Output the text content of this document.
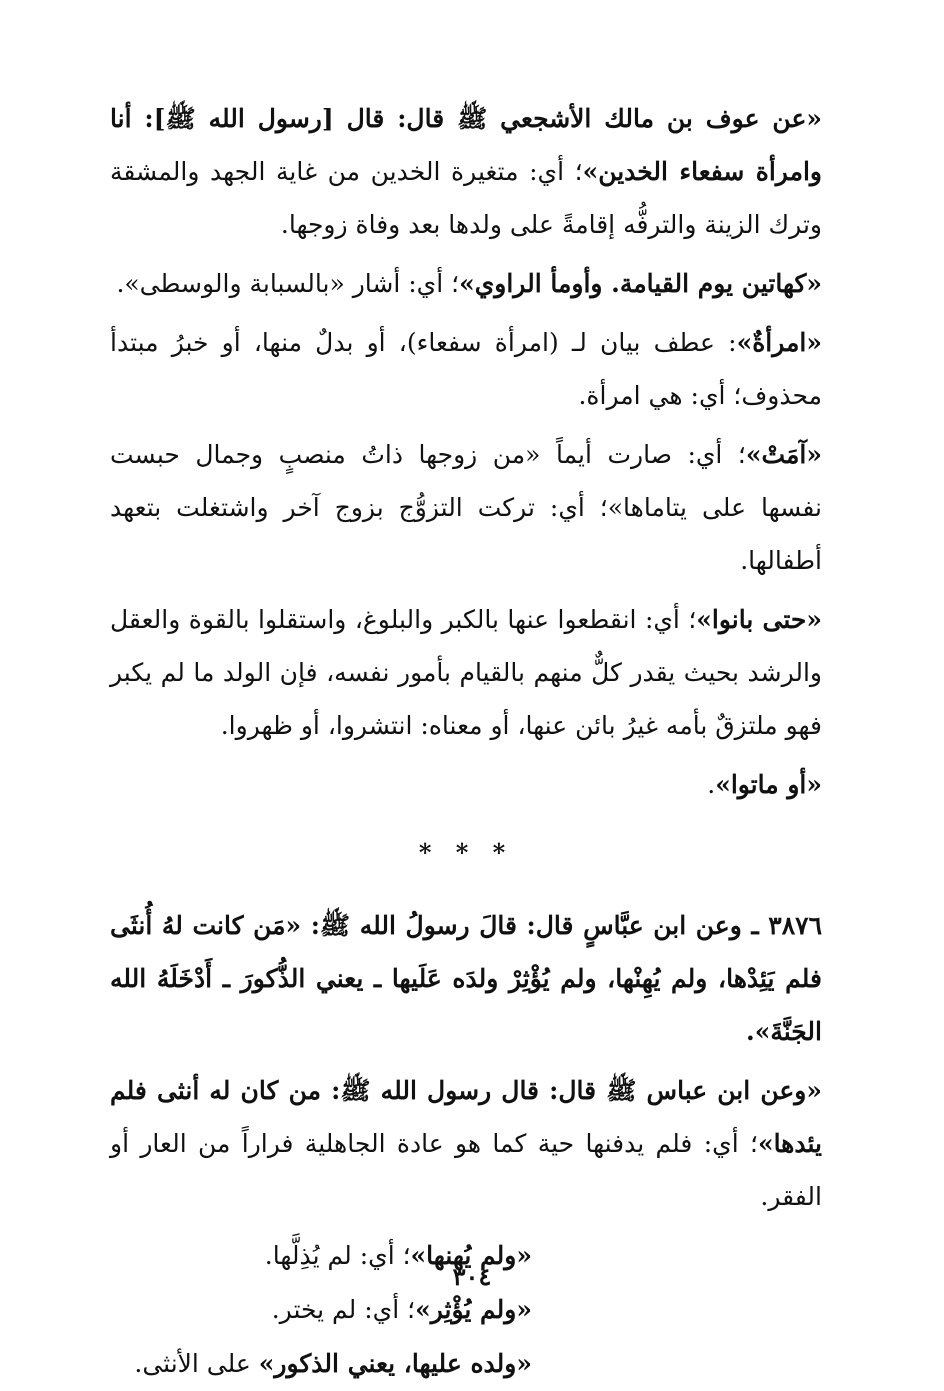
«عن عوف بن مالك الأشجعي ﷺ قال: قال [رسول الله ﷺ]: أنا وامرأة سفعاء الخدين»؛ أي: متغيرة الخدين من غاية الجهد والمشقة وترك الزينة والترفُّه إقامةً على ولدها بعد وفاة زوجها.

«كهاتين يوم القيامة. وأومأ الراوي»؛ أي: أشار «بالسبابة والوسطى».

«امرأةٌ»: عطف بيان لـ (امرأة سفعاء)، أو بدلٌ منها، أو خبرُ مبتدأ محذوف؛ أي: هي امرأة.

«آمَتْ»؛ أي: صارت أيماً «من زوجها ذاتُ منصبٍ وجمال حبست نفسها على يتاماها»؛ أي: تركت التزوُّج بزوج آخر واشتغلت بتعهد أطفالها.

«حتى بانوا»؛ أي: انقطعوا عنها بالكبر والبلوغ، واستقلوا بالقوة والعقل والرشد بحيث يقدر كلٌّ منهم بالقيام بأمور نفسه، فإن الولد ما لم يكبر فهو ملتزقٌ بأمه غيرُ بائن عنها، أو معناه: انتشروا، أو ظهروا.

«أو ماتوا».

* * *

٣٨٧٦ ـ وعن ابن عبَّاسٍ قال: قالَ رسولُ الله ﷺ: «مَن كانت لهُ أُنثَى فلم يَئِدْها، ولم يُهِنْها، ولم يُؤْثِرْ ولدَه عَلَيها ـ يعني الذُّكورَ ـ أَدْخَلَهُ الله الجَنَّةَ».

«وعن ابن عباس ﷺ قال: قال رسول الله ﷺ: من كان له أنثى فلم يئدها»؛ أي: فلم يدفنها حية كما هو عادة الجاهلية فراراً من العار أو الفقر.

«ولم يُهنها»؛ أي: لم يُذِلَّها.

«ولم يُؤْثِر»؛ أي: لم يختر.

«ولده عليها، يعني الذكور» على الأنثى.

٣٠٤
